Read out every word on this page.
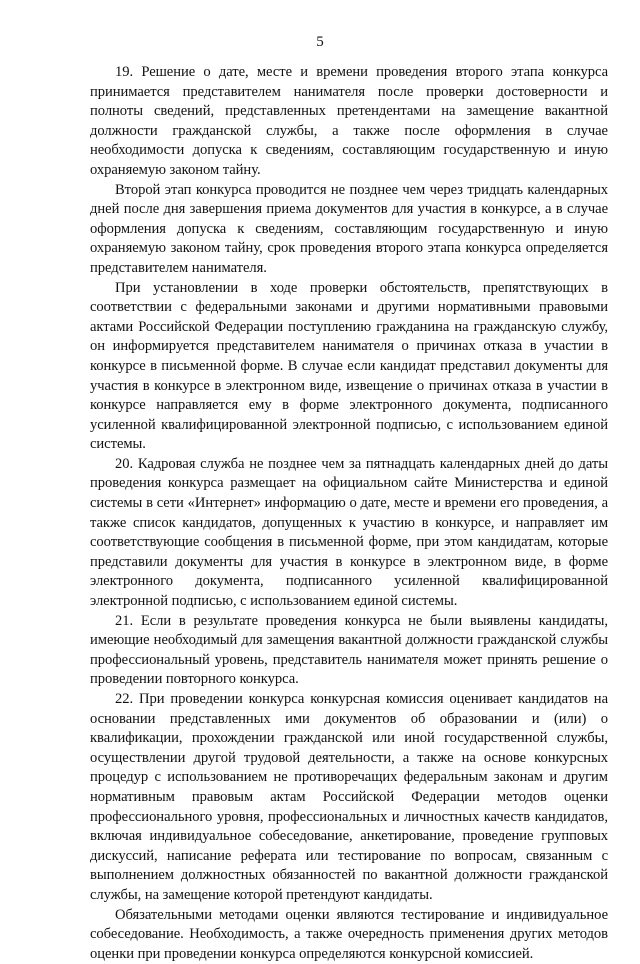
5

19. Решение о дате, месте и времени проведения второго этапа конкурса принимается представителем нанимателя после проверки достоверности и полноты сведений, представленных претендентами на замещение вакантной должности гражданской службы, а также после оформления в случае необходимости допуска к сведениям, составляющим государственную и иную охраняемую законом тайну.

Второй этап конкурса проводится не позднее чем через тридцать календарных дней после дня завершения приема документов для участия в конкурсе, а в случае оформления допуска к сведениям, составляющим государственную и иную охраняемую законом тайну, срок проведения второго этапа конкурса определяется представителем нанимателя.

При установлении в ходе проверки обстоятельств, препятствующих в соответствии с федеральными законами и другими нормативными правовыми актами Российской Федерации поступлению гражданина на гражданскую службу, он информируется представителем нанимателя о причинах отказа в участии в конкурсе в письменной форме. В случае если кандидат представил документы для участия в конкурсе в электронном виде, извещение о причинах отказа в участии в конкурсе направляется ему в форме электронного документа, подписанного усиленной квалифицированной электронной подписью, с использованием единой системы.

20. Кадровая служба не позднее чем за пятнадцать календарных дней до даты проведения конкурса размещает на официальном сайте Министерства и единой системы в сети «Интернет» информацию о дате, месте и времени его проведения, а также список кандидатов, допущенных к участию в конкурсе, и направляет им соответствующие сообщения в письменной форме, при этом кандидатам, которые представили документы для участия в конкурсе в электронном виде, в форме электронного документа, подписанного усиленной квалифицированной электронной подписью, с использованием единой системы.

21. Если в результате проведения конкурса не были выявлены кандидаты, имеющие необходимый для замещения вакантной должности гражданской службы профессиональный уровень, представитель нанимателя может принять решение о проведении повторного конкурса.

22. При проведении конкурса конкурсная комиссия оценивает кандидатов на основании представленных ими документов об образовании и (или) о квалификации, прохождении гражданской или иной государственной службы, осуществлении другой трудовой деятельности, а также на основе конкурсных процедур с использованием не противоречащих федеральным законам и другим нормативным правовым актам Российской Федерации методов оценки профессионального уровня, профессиональных и личностных качеств кандидатов, включая индивидуальное собеседование, анкетирование, проведение групповых дискуссий, написание реферата или тестирование по вопросам, связанным с выполнением должностных обязанностей по вакантной должности гражданской службы, на замещение которой претендуют кандидаты.

Обязательными методами оценки являются тестирование и индивидуальное собеседование. Необходимость, а также очередность применения других методов оценки при проведении конкурса определяются конкурсной комиссией.
